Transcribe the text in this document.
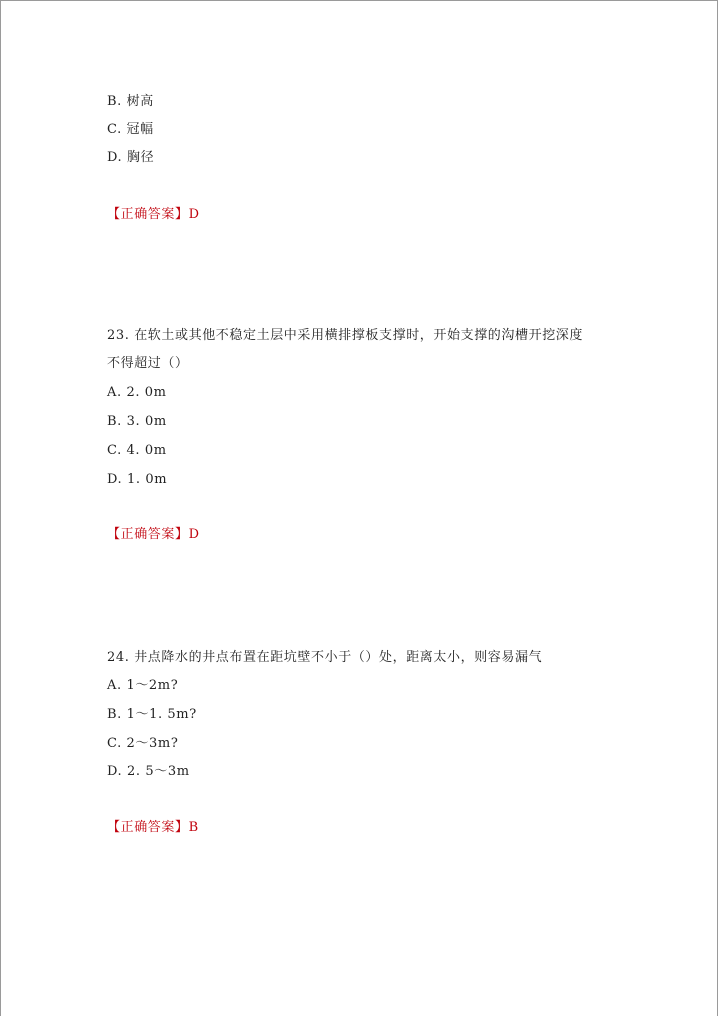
B. 树高
C. 冠幅
D. 胸径
【正确答案】D
23. 在软土或其他不稳定土层中采用横排撑板支撑时，开始支撑的沟槽开挖深度
不得超过（）
A. 2. 0m
B. 3. 0m
C. 4. 0m
D. 1. 0m
【正确答案】D
24. 井点降水的井点布置在距坑壁不小于（）处，距离太小，则容易漏气
A. 1～2m?
B. 1～1. 5m?
C. 2～3m?
D. 2. 5～3m
【正确答案】B
